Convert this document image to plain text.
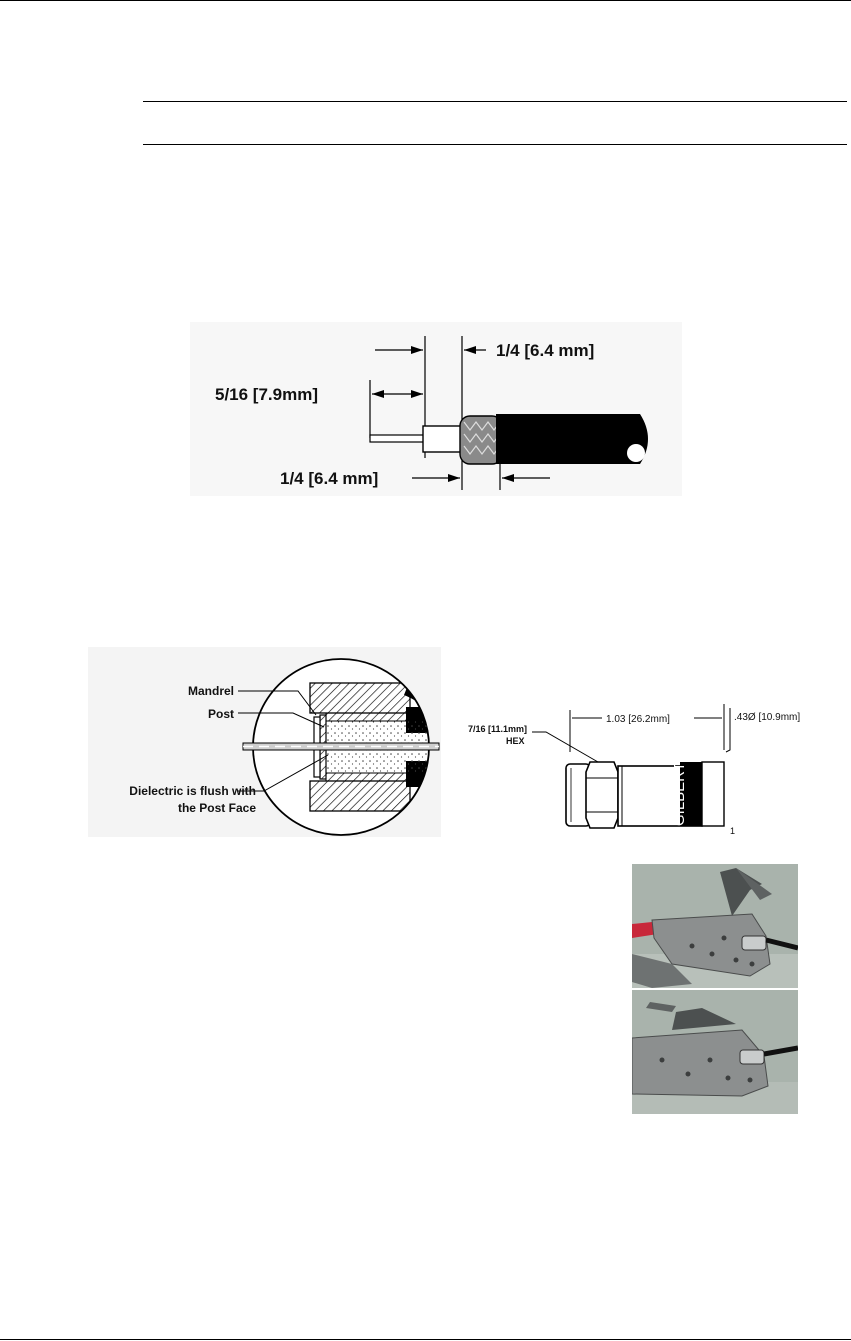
1/4 [6.4 mm]
5/16 [7.9mm]
1/4 [6.4 mm]
Mandrel
Post
Dielectric is flush with
the Post Face	GILBERT
7/16 [11.1mm]
HEX
1.03 [26.2mm]	.43Ø [10.9mm]
1
